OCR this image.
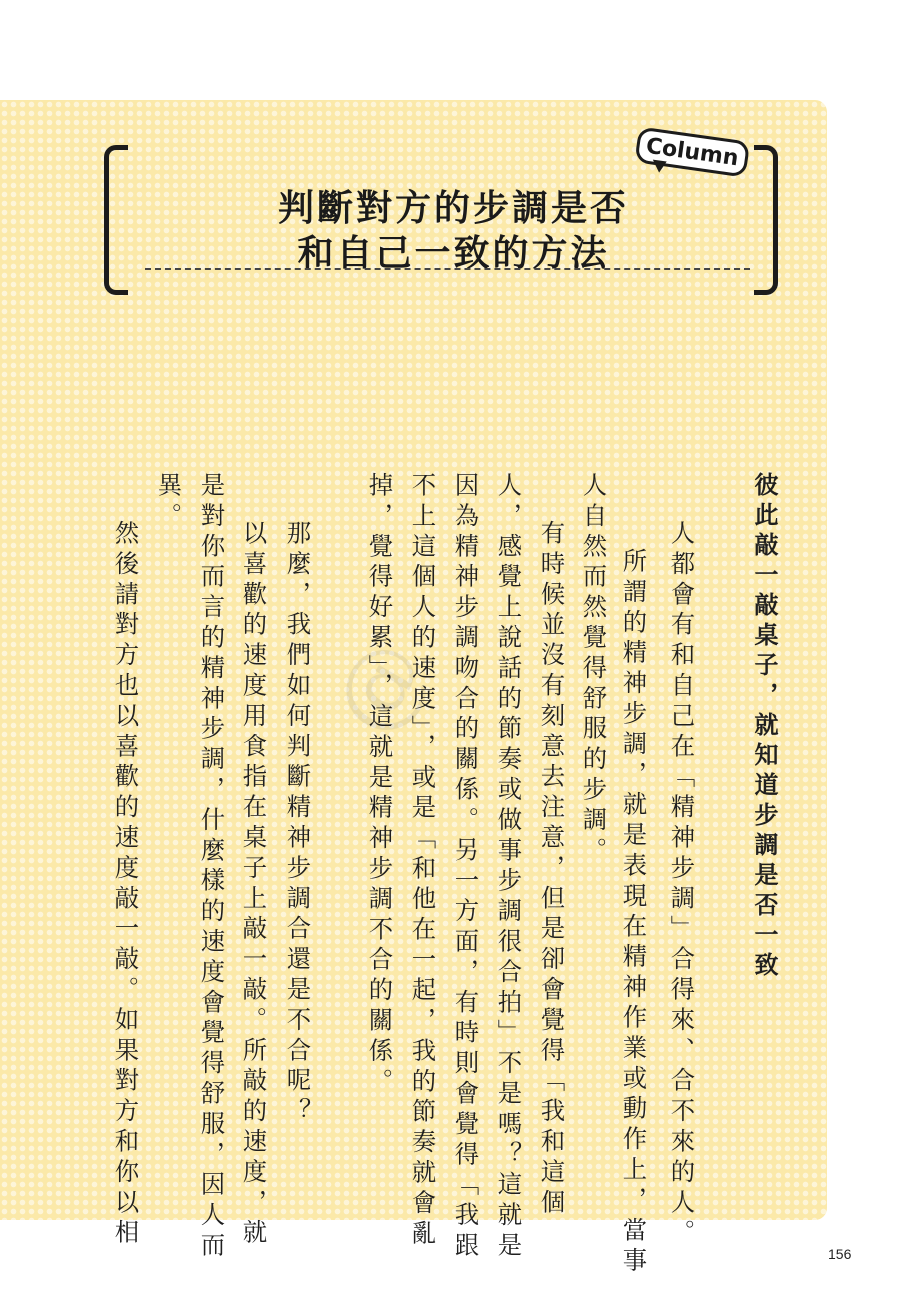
Column
判斷對方的步調是否
和自己一致的方法
@	彼此敲一敲桌子，就知道步調是否一致
人都會有和自己在「精神步調」合得來、合不來的人。
所謂的精神步調，就是表現在精神作業或動作上，當事
人自然而然覺得舒服的步調。
有時候並沒有刻意去注意，但是卻會覺得「我和這個
人，感覺上說話的節奏或做事步調很合拍」不是嗎？這就是
因為精神步調吻合的關係。另一方面，有時則會覺得「我跟
不上這個人的速度」，或是「和他在一起，我的節奏就會亂
掉，覺得好累」，這就是精神步調不合的關係。
那麼，我們如何判斷精神步調合還是不合呢？
以喜歡的速度用食指在桌子上敲一敲。所敲的速度，就
是對你而言的精神步調，什麼樣的速度會覺得舒服，因人而
異。
然後請對方也以喜歡的速度敲一敲。如果對方和你以相
156
